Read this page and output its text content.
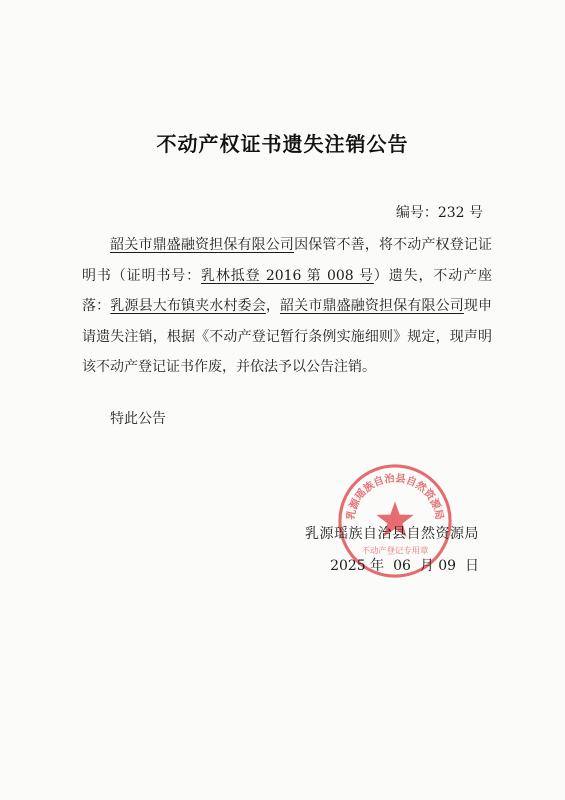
不动产权证书遗失注销公告
编号：232 号

韶关市鼎盛融资担保有限公司因保管不善，将不动产权登记证明书（证明书号：乳林抵登 2016 第 008 号）遗失，不动产座落：乳源县大布镇夹水村委会，韶关市鼎盛融资担保有限公司现申请遗失注销，根据《不动产登记暂行条例实施细则》规定，现声明该不动产登记证书作废，并依法予以公告注销。

特此公告
乳源瑶族自治县自然资源局
不动产登记专用章
乳源瑶族自治县自然资源局
2025 年 06 月 09 日
